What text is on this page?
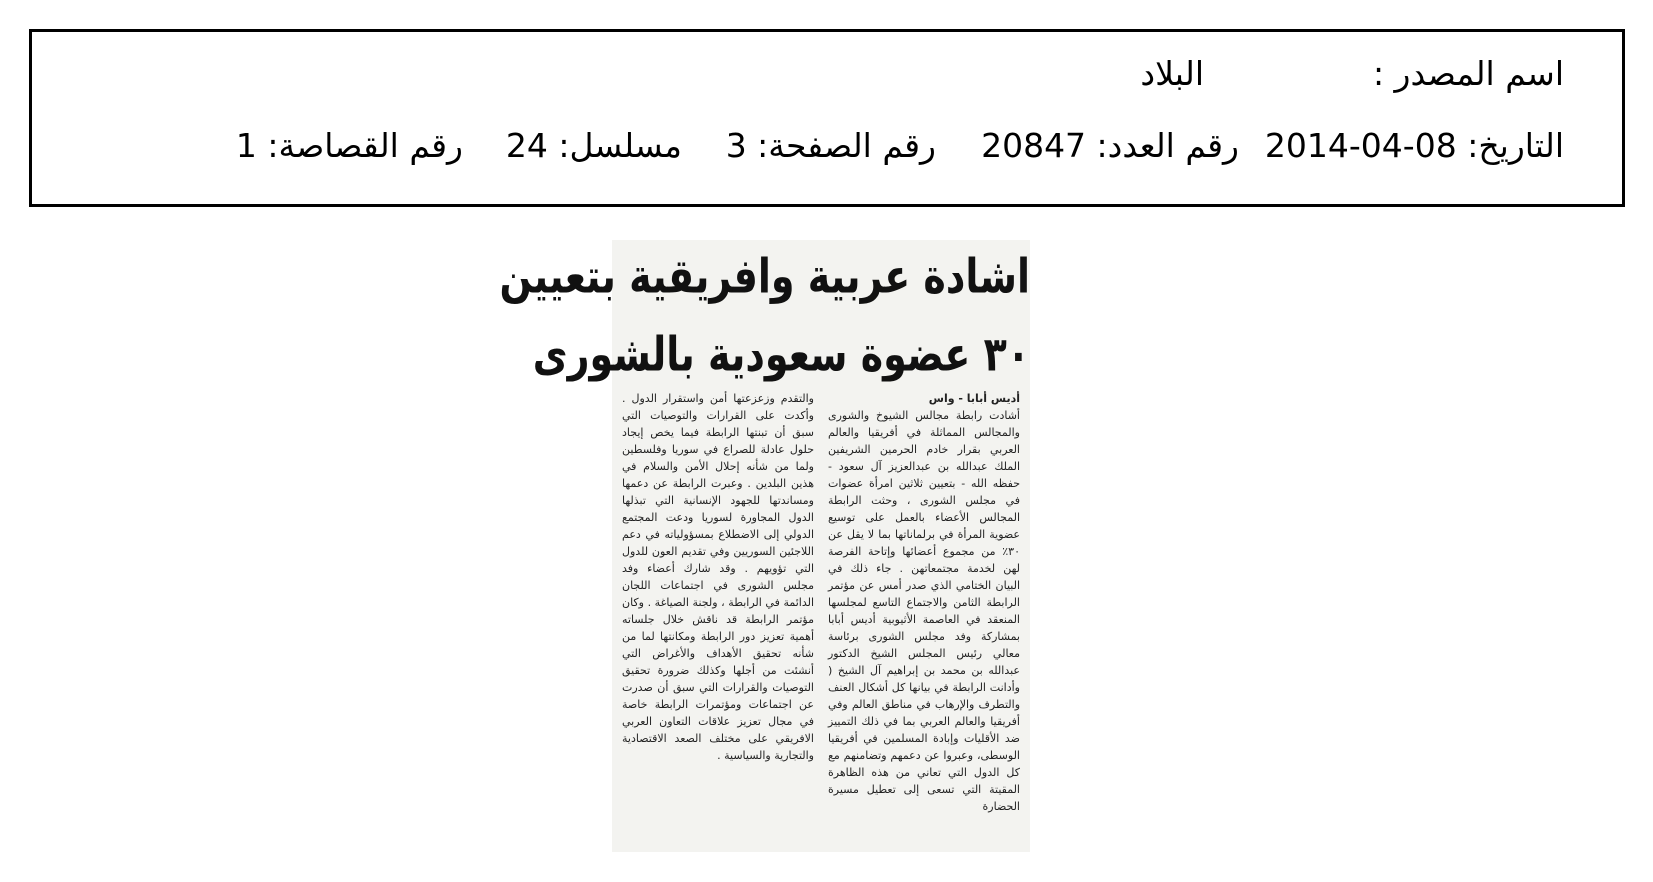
اسم المصدر :
البلاد
التاريخ: 08-04-2014
رقم العدد: 20847
رقم الصفحة: 3
مسلسل: 24
رقم القصاصة: 1
اشادة عربية وافريقية بتعيين
٣٠ عضوة سعودية بالشورى
أديس أبابا - واس

أشادت رابطة مجالس الشيوخ والشورى والمجالس المماثلة في أفريقيا والعالم العربي بقرار خادم الحرمين الشريفين الملك عبدالله بن عبدالعزيز آل سعود - حفظه الله - بتعيين ثلاثين امرأة عضوات في مجلس الشورى ، وحثت الرابطة المجالس الأعضاء بالعمل على توسيع عضوية المرأة في برلماناتها بما لا يقل عن ٣٠٪ من مجموع أعضائها وإتاحة الفرصة لهن لخدمة مجتمعاتهن . جاء ذلك في البيان الختامي الذي صدر أمس عن مؤتمر الرابطة الثامن والاجتماع التاسع لمجلسها المنعقد في العاصمة الأثيوبية أديس أبابا بمشاركة وفد مجلس الشورى برئاسة معالي رئيس المجلس الشيخ الدكتور عبدالله بن محمد بن إبراهيم آل الشيخ ( وأدانت الرابطة في بيانها كل أشكال العنف والتطرف والإرهاب في مناطق العالم وفي أفريقيا والعالم العربي بما في ذلك التمييز ضد الأقليات وإبادة المسلمين في أفريقيا الوسطى، وعبروا عن دعمهم وتضامنهم مع كل الدول التي تعاني من هذه الظاهرة المقيتة التي تسعى إلى تعطيل مسيرة الحضارة

والتقدم وزعزعتها أمن واستقرار الدول . وأكدت على القرارات والتوصيات التي سبق أن تبنتها الرابطة فيما يخص إيجاد حلول عادلة للصراع في سوريا وفلسطين ولما من شأنه إحلال الأمن والسلام في هذين البلدين . وعبرت الرابطة عن دعمها ومساندتها للجهود الإنسانية التي تبذلها الدول المجاورة لسوريا ودعت المجتمع الدولي إلى الاضطلاع بمسؤولياته في دعم اللاجئين السوريين وفي تقديم العون للدول التي تؤويهم . وقد شارك أعضاء وفد مجلس الشورى في اجتماعات اللجان الدائمة في الرابطة ، ولجنة الصياغة . وكان مؤتمر الرابطة قد ناقش خلال جلساته أهمية تعزيز دور الرابطة ومكانتها لما من شأنه تحقيق الأهداف والأغراض التي أنشئت من أجلها وكذلك ضرورة تحقيق التوصيات والقرارات التي سبق أن صدرت عن اجتماعات ومؤتمرات الرابطة خاصة في مجال تعزيز علاقات التعاون العربي الافريقي على مختلف الصعد الاقتصادية والتجارية والسياسية .
